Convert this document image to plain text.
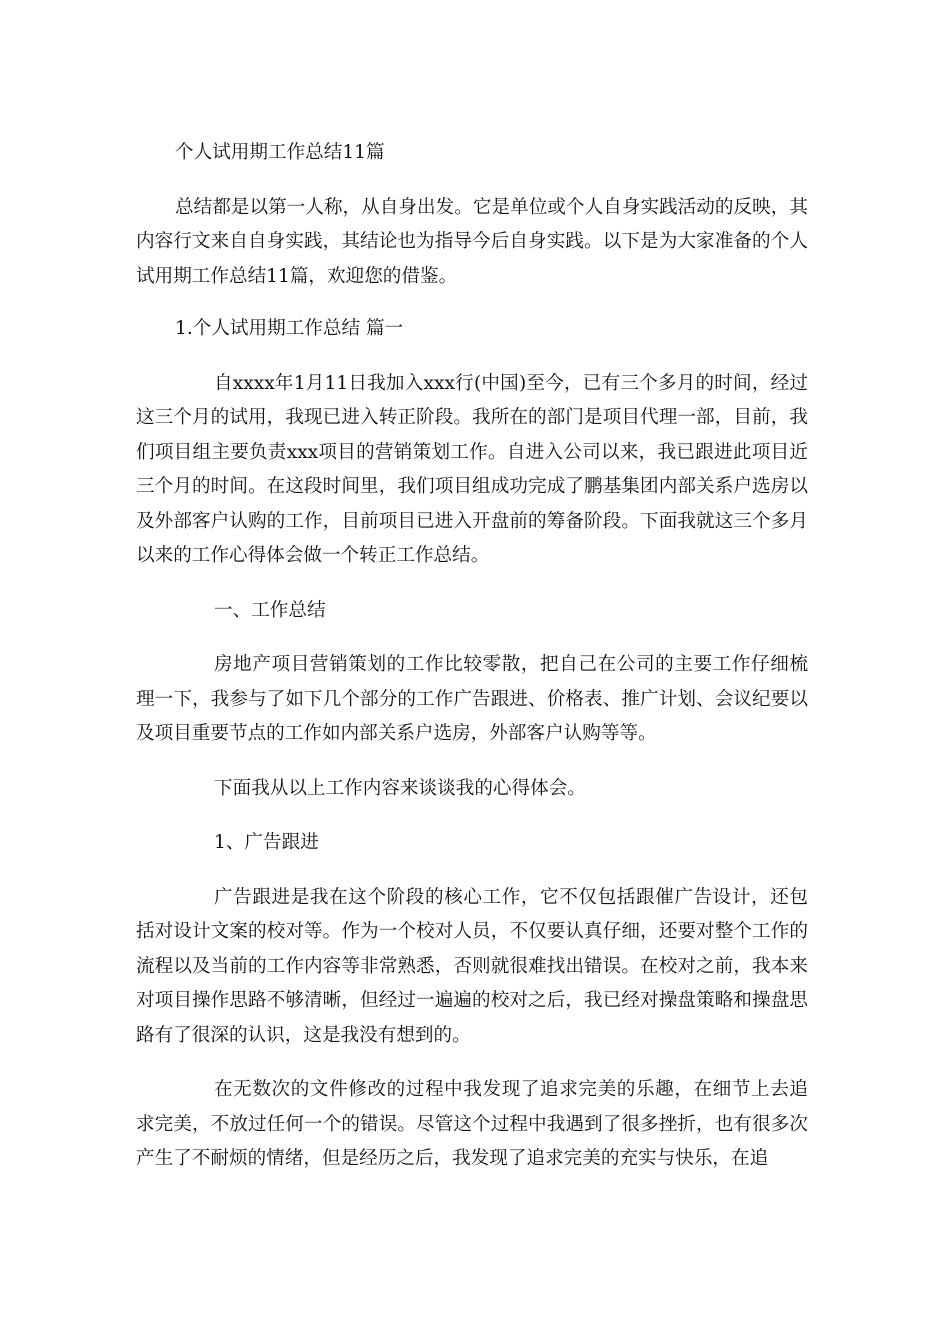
个人试用期工作总结11篇

总结都是以第一人称，从自身出发。它是单位或个人自身实践活动的反映，其内容行文来自自身实践，其结论也为指导今后自身实践。以下是为大家准备的个人试用期工作总结11篇，欢迎您的借鉴。

1.个人试用期工作总结 篇一

自xxxx年1月11日我加入xxx行(中国)至今，已有三个多月的时间，经过这三个月的试用，我现已进入转正阶段。我所在的部门是项目代理一部，目前，我们项目组主要负责xxx项目的营销策划工作。自进入公司以来，我已跟进此项目近三个月的时间。在这段时间里，我们项目组成功完成了鹏基集团内部关系户选房以及外部客户认购的工作，目前项目已进入开盘前的筹备阶段。下面我就这三个多月以来的工作心得体会做一个转正工作总结。

一、工作总结

房地产项目营销策划的工作比较零散，把自己在公司的主要工作仔细梳理一下，我参与了如下几个部分的工作广告跟进、价格表、推广计划、会议纪要以及项目重要节点的工作如内部关系户选房，外部客户认购等等。

下面我从以上工作内容来谈谈我的心得体会。

1、广告跟进

广告跟进是我在这个阶段的核心工作，它不仅包括跟催广告设计，还包括对设计文案的校对等。作为一个校对人员，不仅要认真仔细，还要对整个工作的流程以及当前的工作内容等非常熟悉，否则就很难找出错误。在校对之前，我本来对项目操作思路不够清晰，但经过一遍遍的校对之后，我已经对操盘策略和操盘思路有了很深的认识，这是我没有想到的。

在无数次的文件修改的过程中我发现了追求完美的乐趣，在细节上去追求完美，不放过任何一个的错误。尽管这个过程中我遇到了很多挫折，也有很多次产生了不耐烦的情绪，但是经历之后，我发现了追求完美的充实与快乐，在追
